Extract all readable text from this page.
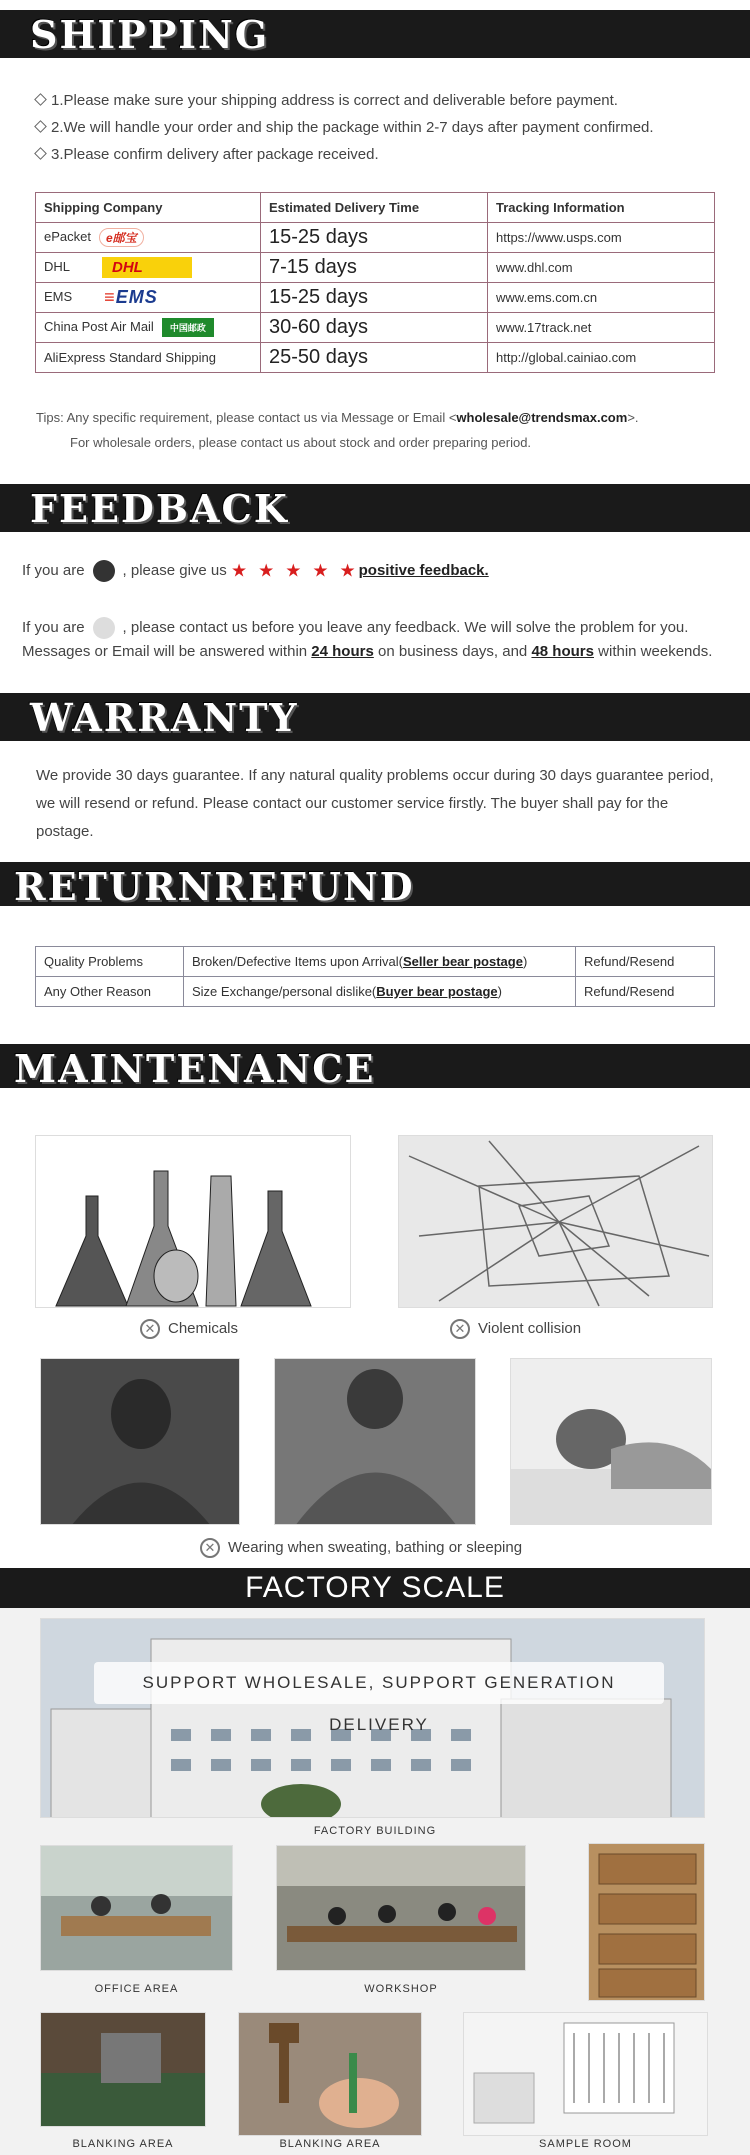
SHIPPING
1.Please make sure your shipping address is correct and deliverable before payment.
2.We will handle your order and ship the package within 2-7 days after payment confirmed.
3.Please confirm delivery after package received.
Shipping Company	Estimated Delivery Time	Tracking Information
ePacket e邮宝	15-25 days	https://www.usps.com
DHL DHL	7-15 days	www.dhl.com
EMS ≡EMS	15-25 days	www.ems.com.cn
China Post Air Mail 中国邮政	30-60 days	www.17track.net
AliExpress Standard Shipping	25-50 days	http://global.cainiao.com
Tips: Any specific requirement, please contact us via Message or Email <wholesale@trendsmax.com>.
For wholesale orders, please contact us about stock and order preparing period.
FEEDBACK
If you are	, please give us ★ ★ ★ ★ ★positive feedback.
If you are	, please contact us before you leave any feedback. We will solve the problem for you.
Messages or Email will be answered within 24 hours on business days, and 48 hours within weekends.
WARRANTY
We provide 30 days guarantee. If any natural quality problems occur during 30 days guarantee period, we will resend or refund. Please contact our customer service firstly. The buyer shall pay for the postage.
RETURNREFUND
Quality Problems	Broken/Defective Items upon Arrival(Seller bear postage)	Refund/Resend
Any Other Reason	Size Exchange/personal dislike(Buyer bear postage)	Refund/Resend
MAINTENANCE
✕ Chemicals	✕ Violent collision
✕ Wearing when sweating, bathing or sleeping
FACTORY SCALE
SUPPORT WHOLESALE, SUPPORT GENERATION DELIVERY
FACTORY BUILDING
OFFICE AREA	WORKSHOP
BLANKING AREA	BLANKING AREA	SAMPLE ROOM
